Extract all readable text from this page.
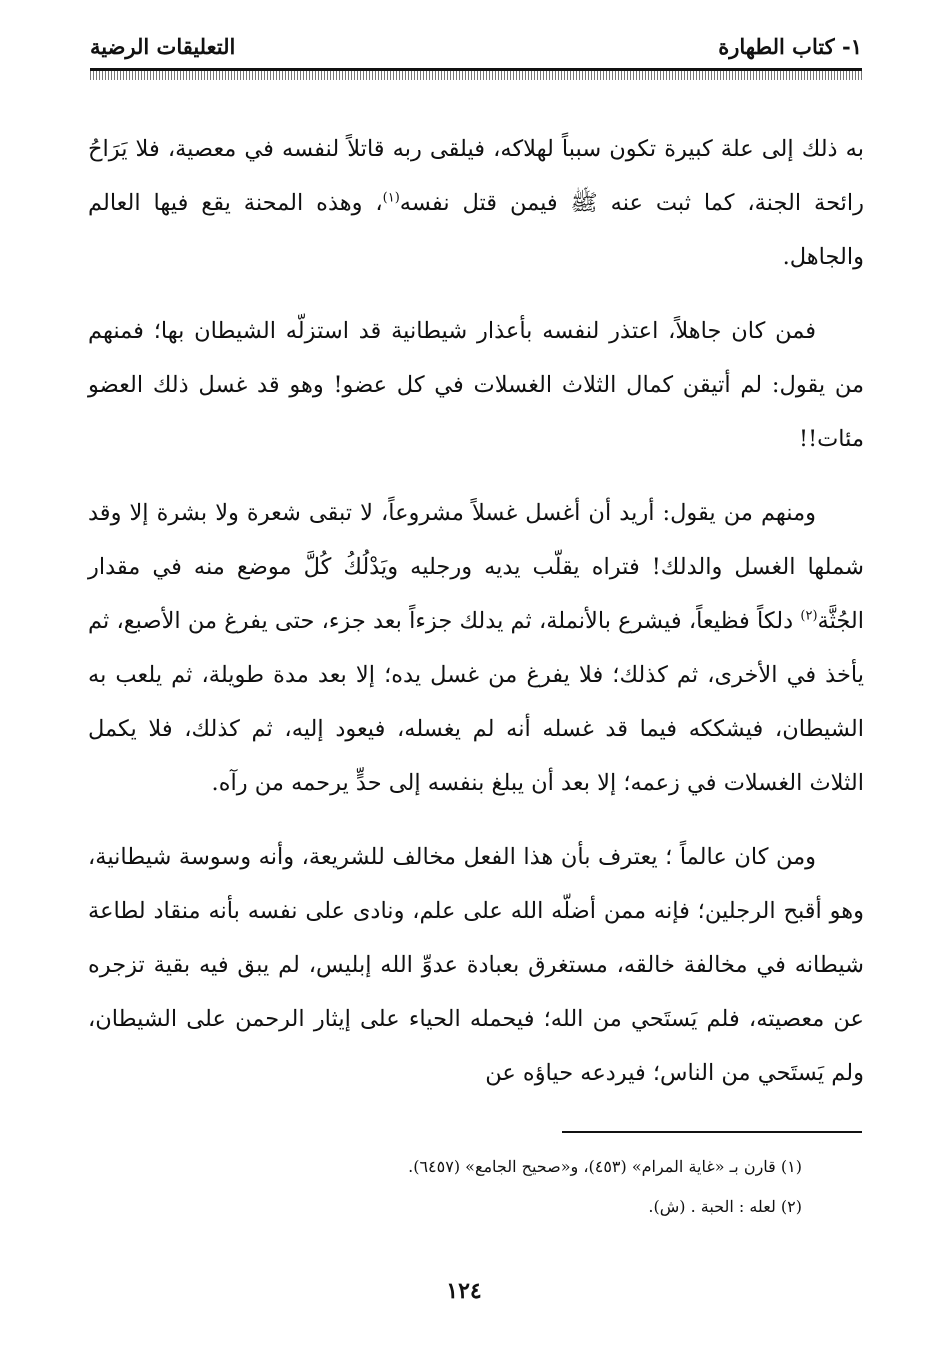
١- كتاب الطهارة
التعليقات الرضية

به ذلك إلى علة كبيرة تكون سبباً لهلاكه، فيلقى ربه قاتلاً لنفسه في معصية، فلا يَرَاحُ رائحة الجنة، كما ثبت عنه ﷺ فيمن قتل نفسه$^{(١)}$، وهذه المحنة يقع فيها العالم والجاهل.

فمن كان جاهلاً، اعتذر لنفسه بأعذار شيطانية قد استزلّه الشيطان بها؛ فمنهم من يقول: لم أتيقن كمال الثلاث الغسلات في كل عضو! وهو قد غسل ذلك العضو مئات!!

ومنهم من يقول: أريد أن أغسل غسلاً مشروعاً، لا تبقى شعرة ولا بشرة إلا وقد شملها الغسل والدلك! فتراه يقلّب يديه ورجليه ويَدْلُكُ كُلَّ موضع منه في مقدار الجُثَّة$^{(٢)}$ دلكاً فظيعاً، فيشرع بالأنملة، ثم يدلك جزءاً بعد جزء، حتى يفرغ من الأصبع، ثم يأخذ في الأخرى، ثم كذلك؛ فلا يفرغ من غسل يده؛ إلا بعد مدة طويلة، ثم يلعب به الشيطان، فيشككه فيما قد غسله أنه لم يغسله، فيعود إليه، ثم كذلك، فلا يكمل الثلاث الغسلات في زعمه؛ إلا بعد أن يبلغ بنفسه إلى حدٍّ يرحمه من رآه.

ومن كان عالماً ؛ يعترف بأن هذا الفعل مخالف للشريعة، وأنه وسوسة شيطانية، وهو أقبح الرجلين؛ فإنه ممن أضلّه الله على علم، ونادى على نفسه بأنه منقاد لطاعة شيطانه في مخالفة خالقه، مستغرق بعبادة عدوِّ الله إبليس، لم يبق فيه بقية تزجره عن معصيته، فلم يَستَحي من الله؛ فيحمله الحياء على إيثار الرحمن على الشيطان، ولم يَستَحي من الناس؛ فيردعه حياؤه عن

(١) قارن بـ «غاية المرام» (٤٥٣)، و«صحيح الجامع» (٦٤٥٧).
(٢) لعله : الحبة . (ش).
١٢٤
